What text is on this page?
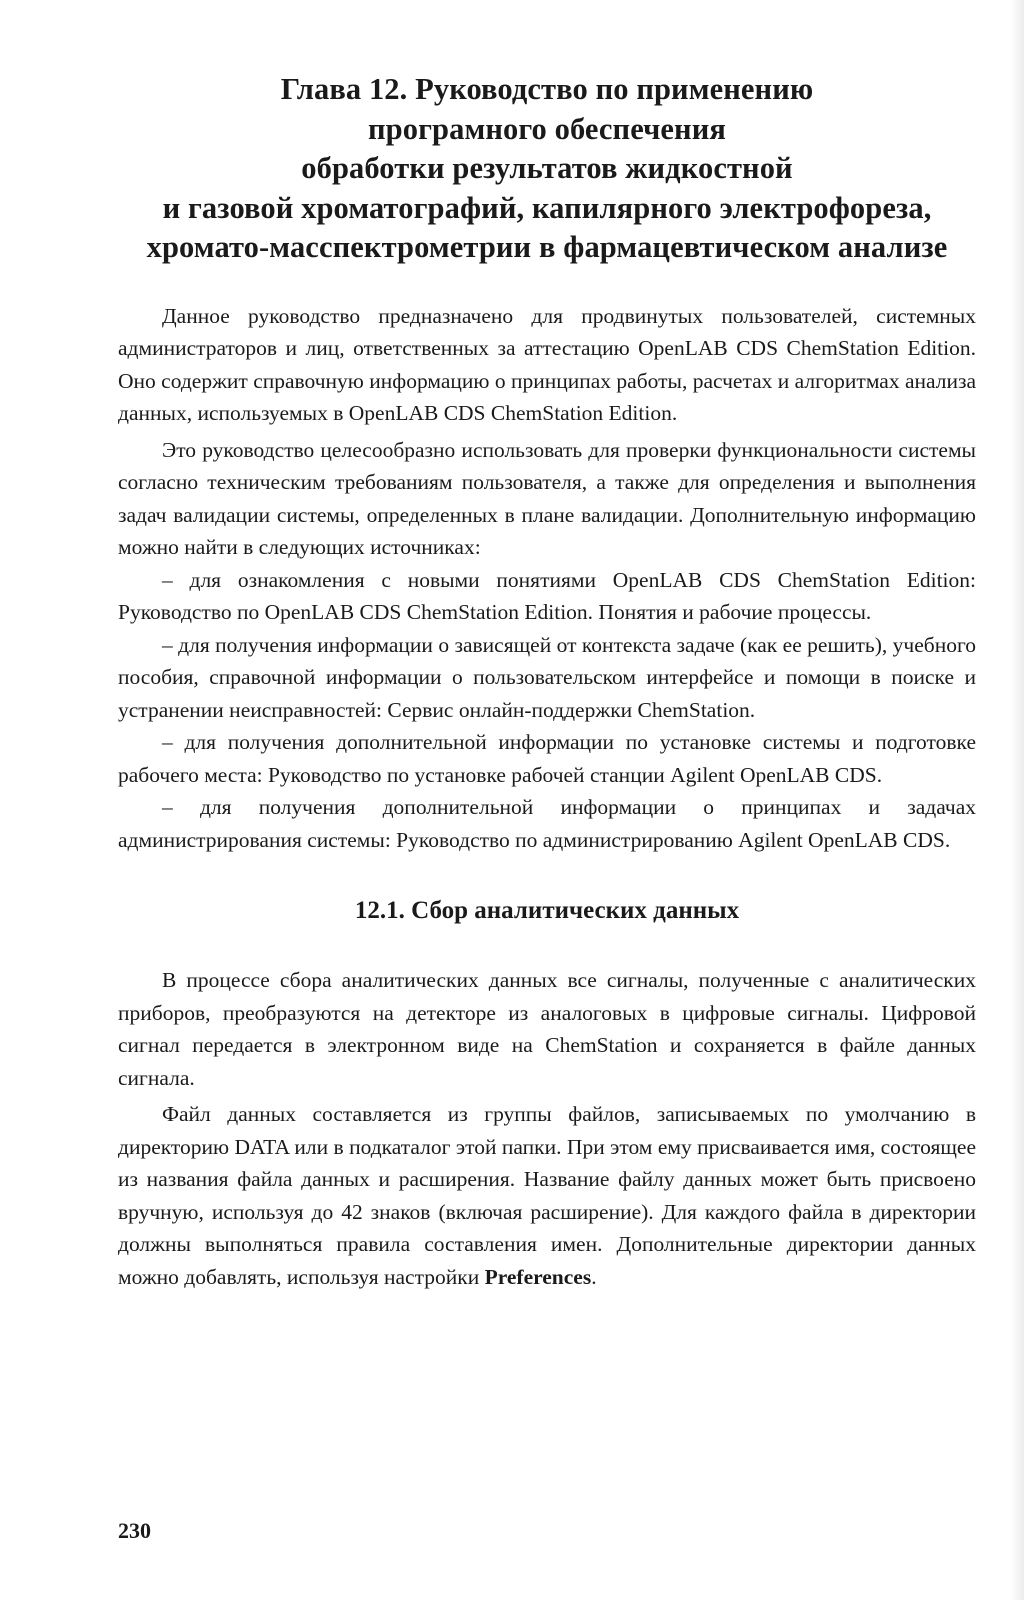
Глава 12. Руководство по применению
програмного обеспечения
обработки результатов жидкостной
и газовой хроматографий, капилярного электрофореза,
хромато-масспектрометрии в фармацевтическом анализе

Данное руководство предназначено для продвинутых пользователей, системных администраторов и лиц, ответственных за аттестацию OpenLAB CDS ChemStation Edition. Оно содержит справочную информацию о принципах работы, расчетах и алгоритмах анализа данных, используемых в OpenLAB CDS ChemStation Edition.

Это руководство целесообразно использовать для проверки функциональности системы согласно техническим требованиям пользователя, а также для определения и выполнения задач валидации системы, определенных в плане валидации. Дополнительную информацию можно найти в следующих источниках:

– для ознакомления с новыми понятиями OpenLAB CDS ChemStation Edition: Руководство по OpenLAB CDS ChemStation Edition. Понятия и рабочие процессы.

– для получения информации о зависящей от контекста задаче (как ее решить), учебного пособия, справочной информации о пользовательском интерфейсе и помощи в поиске и устранении неисправностей: Сервис онлайн-поддержки ChemStation.

– для получения дополнительной информации по установке системы и подготовке рабочего места: Руководство по установке рабочей станции Agilent OpenLAB CDS.

– для получения дополнительной информации о принципах и задачах администрирования системы: Руководство по администрированию Agilent OpenLAB CDS.

12.1. Сбор аналитических данных

В процессе сбора аналитических данных все сигналы, полученные с аналитических приборов, преобразуются на детекторе из аналоговых в цифровые сигналы. Цифровой сигнал передается в электронном виде на ChemStation и сохраняется в файле данных сигнала.

Файл данных составляется из группы файлов, записываемых по умолчанию в директорию DATA или в подкаталог этой папки. При этом ему присваивается имя, состоящее из названия файла данных и расширения. Название файлу данных может быть присвоено вручную, используя до 42 знаков (включая расширение). Для каждого файла в директории должны выполняться правила составления имен. Дополнительные директории данных можно добавлять, используя настройки Preferences.

230
